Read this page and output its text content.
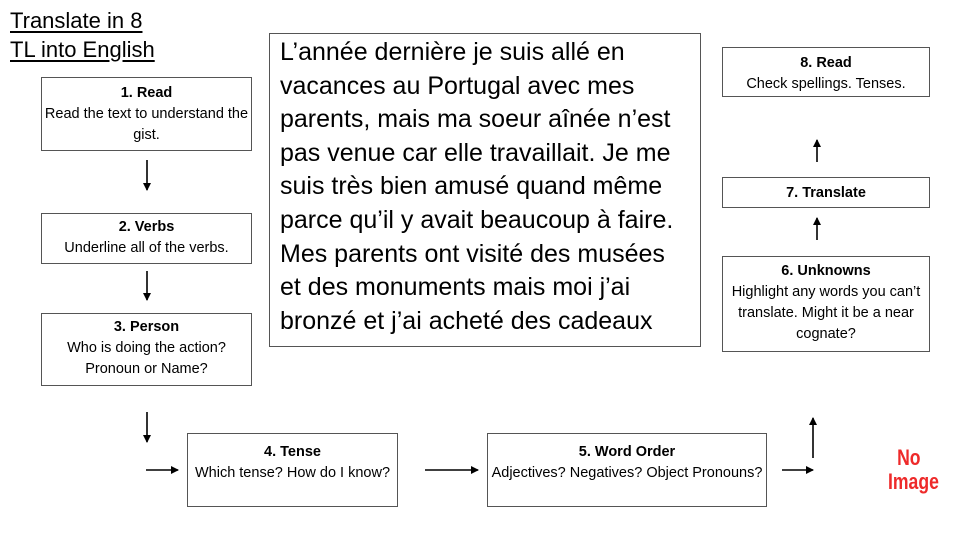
Translate in 8
TL into English
1. Read
Read the text to understand the gist.
2. Verbs
Underline all of the verbs.
3. Person
Who is doing the action? Pronoun or Name?
L’année dernière je suis allé en
vacances au Portugal avec mes
parents, mais ma soeur aînée n’est
pas venue car elle travaillait. Je me
suis très bien amusé quand même
parce qu’il y avait beaucoup à faire.
Mes parents ont visité des musées
et des monuments mais moi j’ai
bronzé et j’ai acheté des cadeaux
4. Tense
Which tense? How do I know?
5. Word Order
Adjectives? Negatives? Object Pronouns?
6. Unknowns
Highlight any words you can’t translate. Might it be a near cognate?
7. Translate
8. Read
Check spellings. Tenses.
No
Image
